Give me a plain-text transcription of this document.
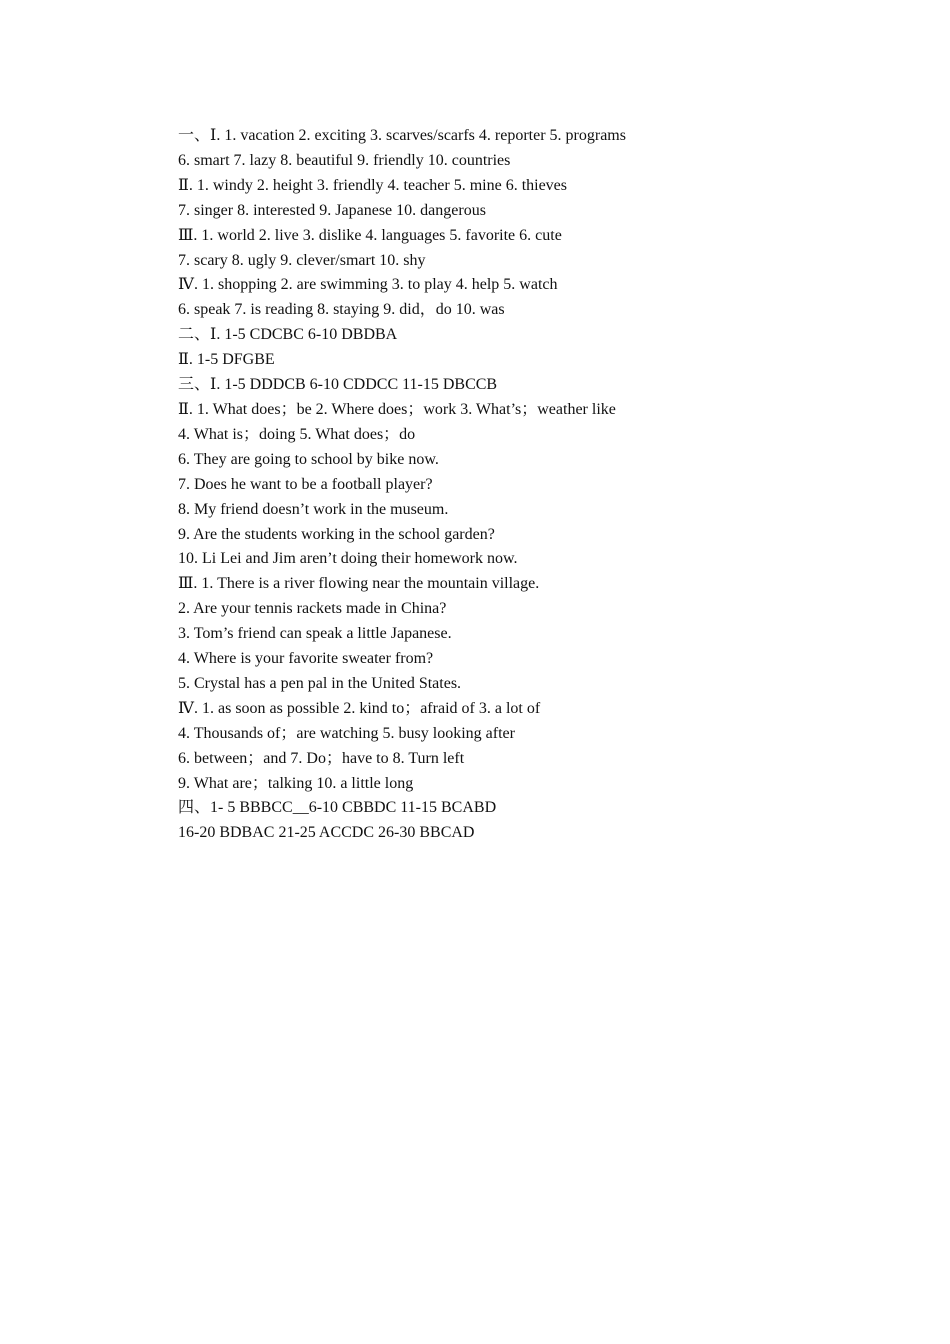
一、Ⅰ. 1. vacation 2. exciting 3. scarves/scarfs 4. reporter 5. programs

6. smart 7. lazy 8. beautiful 9. friendly 10. countries

Ⅱ. 1. windy 2. height 3. friendly 4. teacher 5. mine 6. thieves

7. singer 8. interested 9. Japanese 10. dangerous

Ⅲ. 1. world 2. live 3. dislike 4. languages 5. favorite 6. cute

7. scary 8. ugly 9. clever/smart 10. shy

Ⅳ. 1. shopping 2. are swimming 3. to play 4. help 5. watch

6. speak 7. is reading 8. staying 9. did，do 10. was

二、Ⅰ. 1-5 CDCBC 6-10 DBDBA

Ⅱ. 1-5 DFGBE

三、Ⅰ. 1-5 DDDCB 6-10 CDDCC 11-15 DBCCB

Ⅱ. 1. What does；be 2. Where does；work 3. What’s；weather like

4. What is；doing 5. What does；do

6. They are going to school by bike now.

7. Does he want to be a football player?

8. My friend doesn’t work in the museum.

9. Are the students working in the school garden?

10. Li Lei and Jim aren’t doing their homework now.

Ⅲ. 1. There is a river flowing near the mountain village.

2. Are your tennis rackets made in China?

3. Tom’s friend can speak a little Japanese.

4. Where is your favorite sweater from?

5. Crystal has a pen pal in the United States.

Ⅳ. 1. as soon as possible 2. kind to；afraid of 3. a lot of

4. Thousands of；are watching 5. busy looking after

6. between；and 7. Do；have to 8. Turn left

9. What are；talking 10. a little long

四、1- 5 BBBCC__6-10 CBBDC 11-15 BCABD

16-20 BDBAC 21-25 ACCDC 26-30 BBCAD
